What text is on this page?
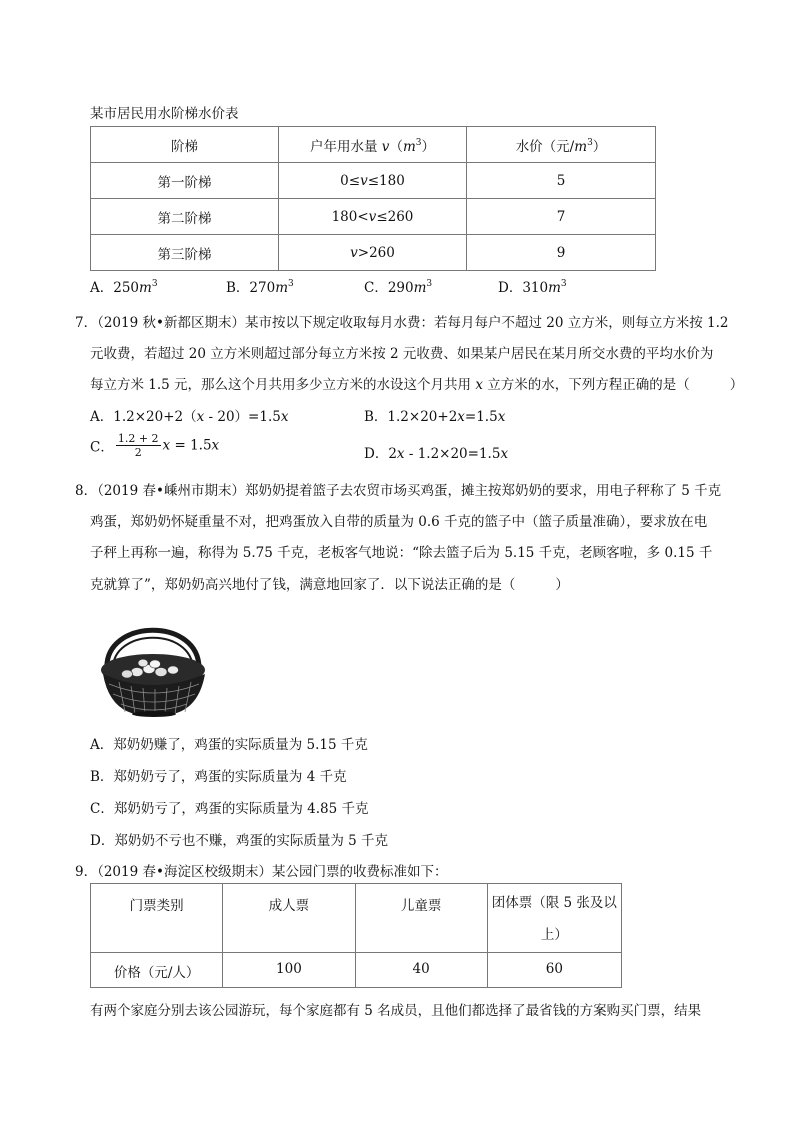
某市居民用水阶梯水价表
阶梯	户年用水量 $v(m^3)$	水价（元$/m^3$）
第一阶梯	0≤v≤180	5
第二阶梯	180<v≤260	7
第三阶梯	v>260	9
A．$250m^3$	B．$270m^3$	C．$290m^3$	D．$310m^3$
7．（2019 秋•新都区期末）某市按以下规定收取每月水费：若每月每户不超过 20 立方米，则每立方米按 1.2
元收费，若超过 20 立方米则超过部分每立方米按 2 元收费、如果某户居民在某月所交水费的平均水价为
每立方米 1.5 元，那么这个月共用多少立方米的水设这个月共用 x 立方米的水，下列方程正确的是（	）
A．1.2×20+2（x - 20）=1.5x	B．1.2×20+2x=1.5x
C． $\frac{1.2 + 2}{2}$ x = 1.5x
D．2x - 1.2×20=1.5x
8．（2019 春•嵊州市期末）郑奶奶提着篮子去农贸市场买鸡蛋，摊主按郑奶奶的要求，用电子秤称了 5 千克
鸡蛋，郑奶奶怀疑重量不对，把鸡蛋放入自带的质量为 0.6 千克的篮子中（篮子质量准确），要求放在电
子秤上再称一遍，称得为 5.75 千克，老板客气地说：“除去篮子后为 5.15 千克，老顾客啦，多 0.15 千
克就算了”，郑奶奶高兴地付了钱，满意地回家了．以下说法正确的是（	）
A．郑奶奶赚了，鸡蛋的实际质量为 5.15 千克
B．郑奶奶亏了，鸡蛋的实际质量为 4 千克
C．郑奶奶亏了，鸡蛋的实际质量为 4.85 千克
D．郑奶奶不亏也不赚，鸡蛋的实际质量为 5 千克
9．（2019 春•海淀区校级期末）某公园门票的收费标准如下：
门票类别	成人票	儿童票	团体票（限 5 张及以
上）

价格（元/人）	100	40	60
有两个家庭分别去该公园游玩，每个家庭都有 5 名成员，且他们都选择了最省钱的方案购买门票，结果
